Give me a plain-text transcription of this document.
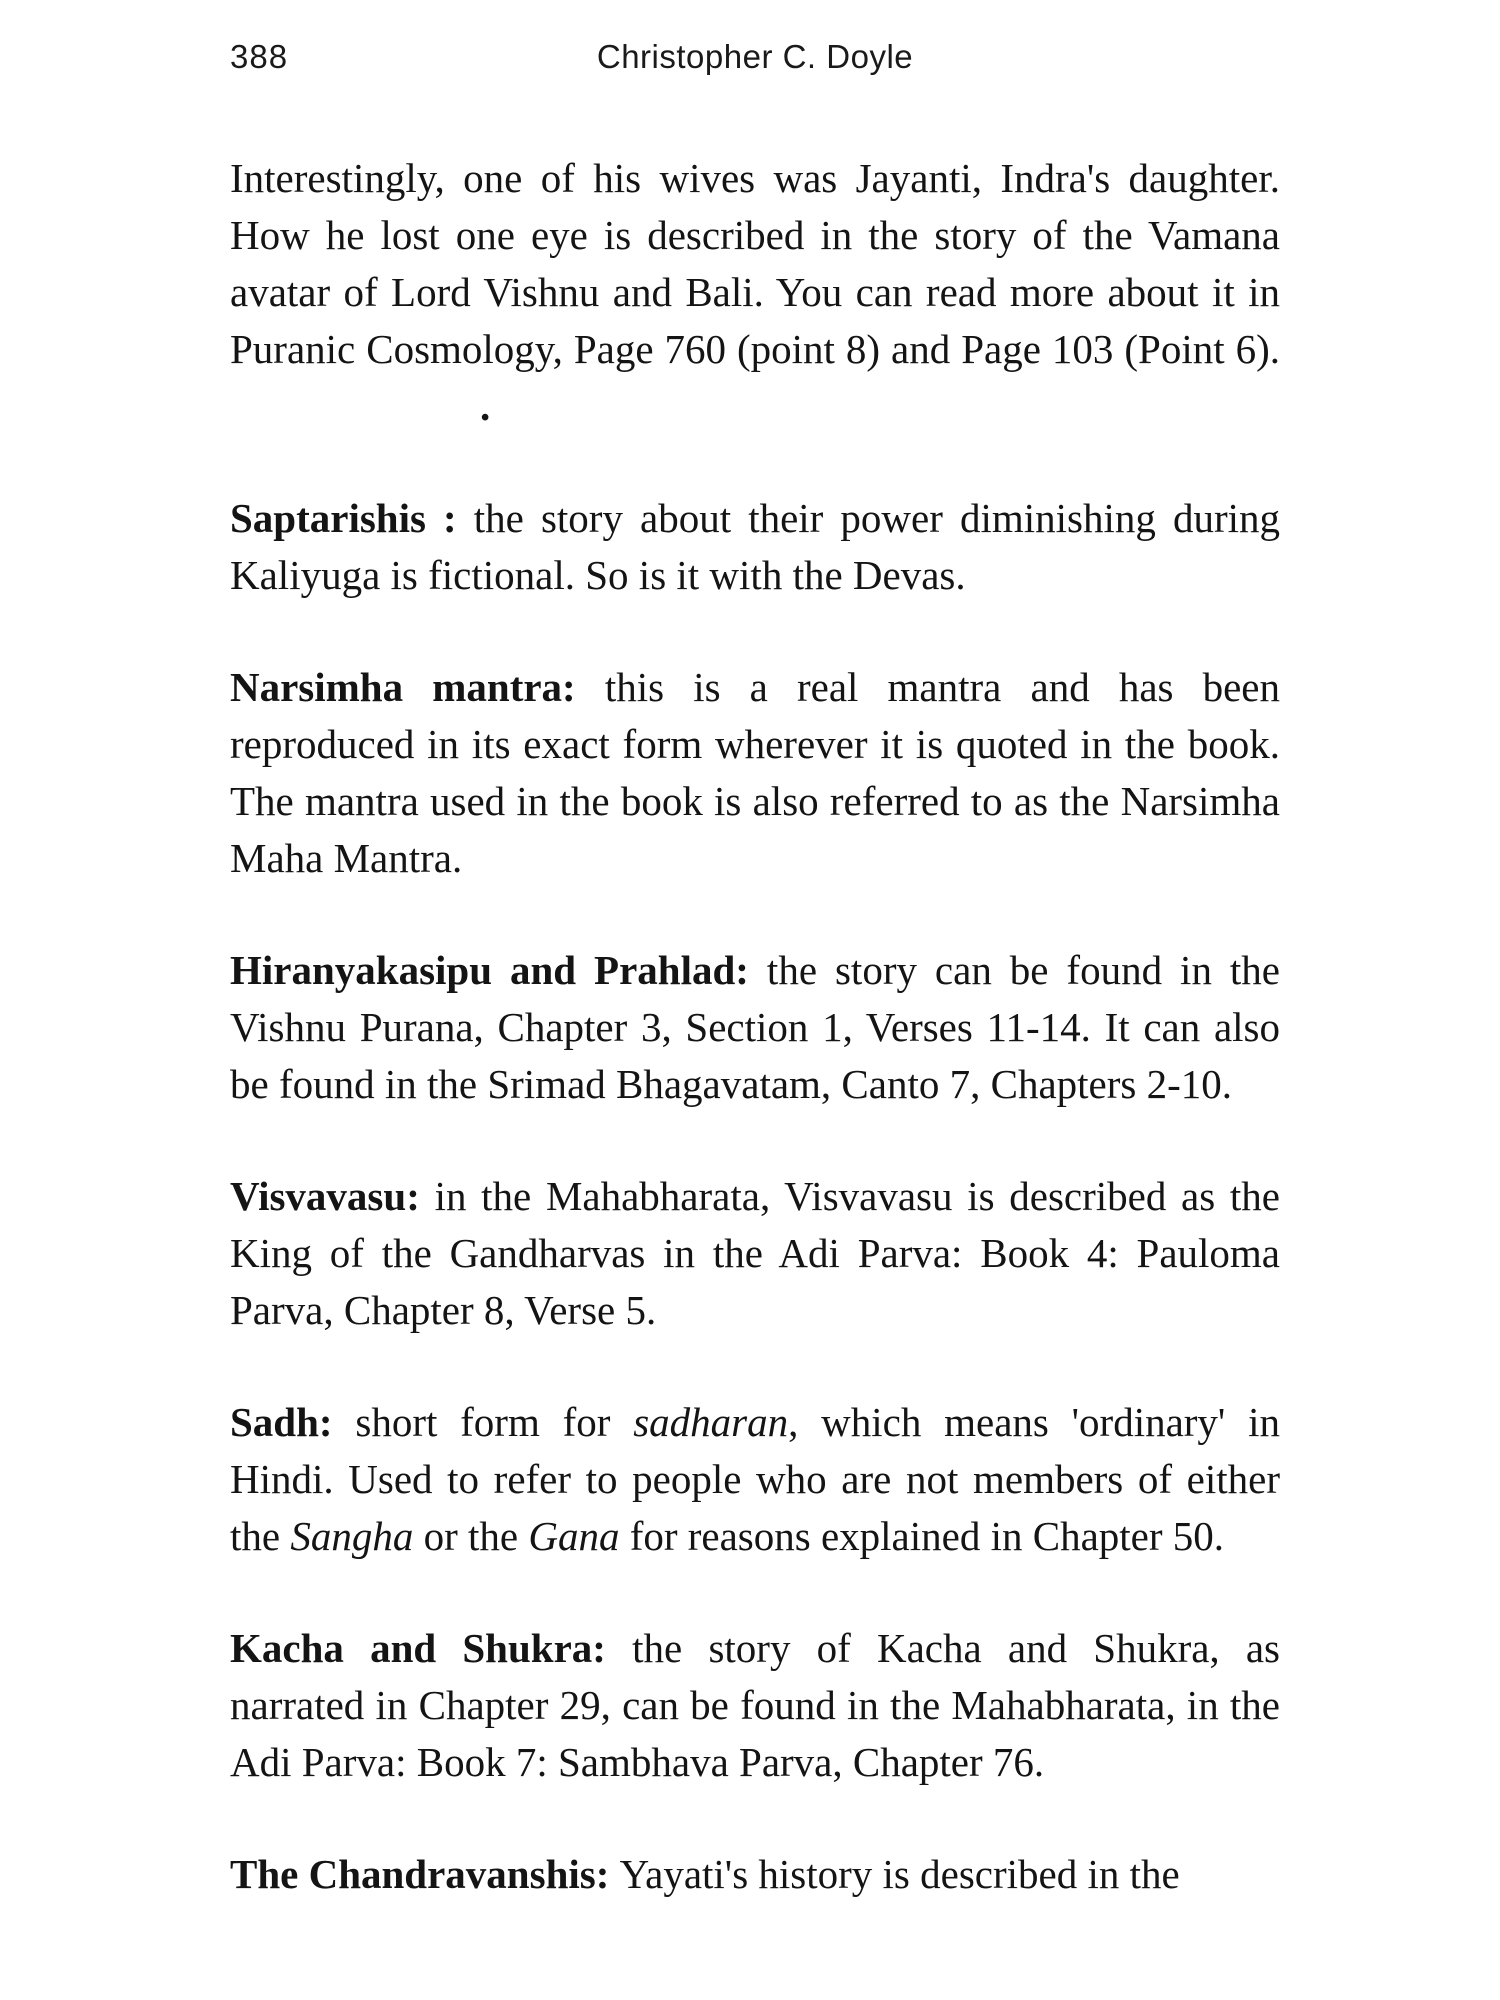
388	Christopher C. Doyle

Interestingly, one of his wives was Jayanti, Indra's daughter. How he lost one eye is described in the story of the Vamana avatar of Lord Vishnu and Bali. You can read more about it in Puranic Cosmology, Page 760 (point 8) and Page 103 (Point 6)..

Saptarishis : the story about their power diminishing during Kaliyuga is fictional. So is it with the Devas.

Narsimha mantra: this is a real mantra and has been reproduced in its exact form wherever it is quoted in the book. The mantra used in the book is also referred to as the Narsimha Maha Mantra.

Hiranyakasipu and Prahlad: the story can be found in the Vishnu Purana, Chapter 3, Section 1, Verses 11-14. It can also be found in the Srimad Bhagavatam, Canto 7, Chapters 2-10.

Visvavasu: in the Mahabharata, Visvavasu is described as the King of the Gandharvas in the Adi Parva: Book 4: Pauloma Parva, Chapter 8, Verse 5.

Sadh: short form for sadharan, which means 'ordinary' in Hindi. Used to refer to people who are not members of either the Sangha or the Gana for reasons explained in Chapter 50.

Kacha and Shukra: the story of Kacha and Shukra, as narrated in Chapter 29, can be found in the Mahabharata, in the Adi Parva: Book 7: Sambhava Parva, Chapter 76.

The Chandravanshis: Yayati's history is described in the
